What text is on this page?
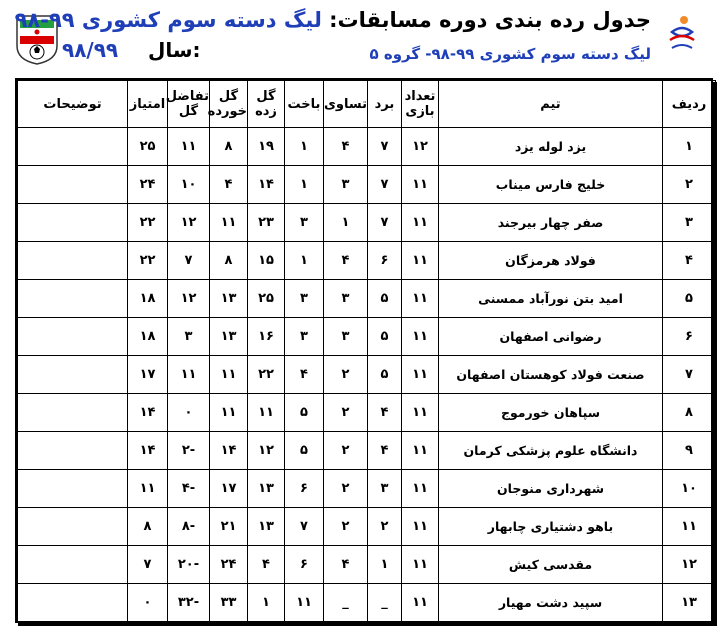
جدول رده بندی دوره مسابقات: لیگ دسته سوم کشوری ۹۹-۹۸
لیگ دسته سوم کشوری ۹۹-۹۸- گروه ۵
سال:
۹۸/۹۹
ردیف	تیم	تعداد بازی	برد	تساوی	باخت	گل زده	گل خورده	تفاضل گل	امتیاز	توضیحات
۱	یزد لوله یزد	۱۲	۷	۴	۱	۱۹	۸	۱۱	۲۵	
۲	خلیج فارس میناب	۱۱	۷	۳	۱	۱۴	۴	۱۰	۲۴	
۳	صفر چهار بیرجند	۱۱	۷	۱	۳	۲۳	۱۱	۱۲	۲۲	
۴	فولاد هرمزگان	۱۱	۶	۴	۱	۱۵	۸	۷	۲۲	
۵	امید بتن نورآباد ممسنی	۱۱	۵	۳	۳	۲۵	۱۳	۱۲	۱۸	
۶	رضوانی اصفهان	۱۱	۵	۳	۳	۱۶	۱۳	۳	۱۸	
۷	صنعت فولاد کوهستان اصفهان	۱۱	۵	۲	۴	۲۲	۱۱	۱۱	۱۷	
۸	سپاهان خورموج	۱۱	۴	۲	۵	۱۱	۱۱	۰	۱۴	
۹	دانشگاه علوم پزشکی کرمان	۱۱	۴	۲	۵	۱۲	۱۴	-۲	۱۴	
۱۰	شهرداری منوجان	۱۱	۳	۲	۶	۱۳	۱۷	-۴	۱۱	
۱۱	باهو دشتیاری چابهار	۱۱	۲	۲	۷	۱۳	۲۱	-۸	۸	
۱۲	مقدسی کیش	۱۱	۱	۴	۶	۴	۲۴	-۲۰	۷	
۱۳	سپید دشت مهیار	۱۱	_	_	۱۱	۱	۳۳	-۳۲	۰	
